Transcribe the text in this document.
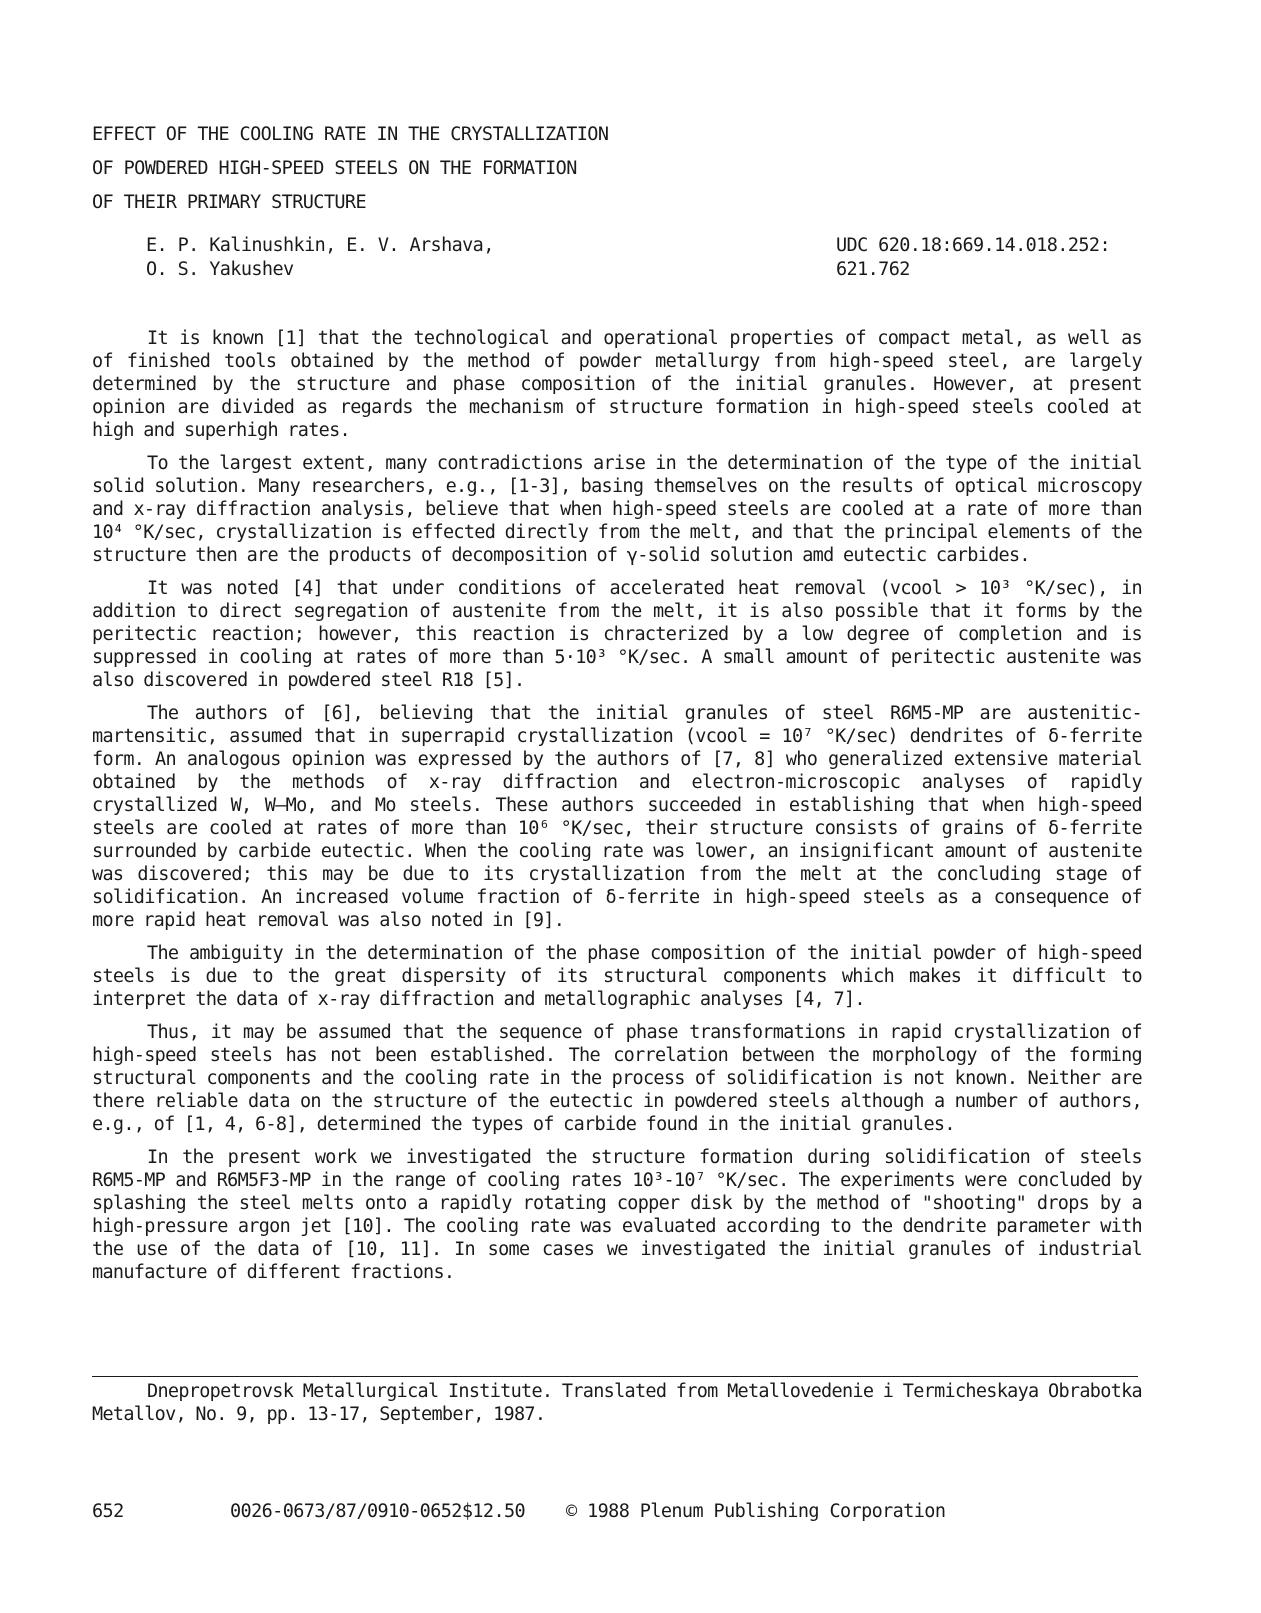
EFFECT OF THE COOLING RATE IN THE CRYSTALLIZATION
OF POWDERED HIGH-SPEED STEELS ON THE FORMATION
OF THEIR PRIMARY STRUCTURE
E. P. Kalinushkin, E. V. Arshava,
O. S. Yakushev
UDC 620.18:669.14.018.252:
621.762

It is known [1] that the technological and operational properties of compact metal, as well as of finished tools obtained by the method of powder metallurgy from high-speed steel, are largely determined by the structure and phase composition of the initial granules. However, at present opinion are divided as regards the mechanism of structure formation in high-speed steels cooled at high and superhigh rates.

To the largest extent, many contradictions arise in the determination of the type of the initial solid solution. Many researchers, e.g., [1-3], basing themselves on the results of optical microscopy and x-ray diffraction analysis, believe that when high-speed steels are cooled at a rate of more than 10⁴ °K/sec, crystallization is effected directly from the melt, and that the principal elements of the structure then are the products of decomposition of γ-solid solution amd eutectic carbides.

It was noted [4] that under conditions of accelerated heat removal (vcool > 10³ °K/sec), in addition to direct segregation of austenite from the melt, it is also possible that it forms by the peritectic reaction; however, this reaction is chracterized by a low degree of completion and is suppressed in cooling at rates of more than 5·10³ °K/sec. A small amount of peritectic austenite was also discovered in powdered steel R18 [5].

The authors of [6], believing that the initial granules of steel R6M5-MP are austenitic-martensitic, assumed that in superrapid crystallization (vcool = 10⁷ °K/sec) dendrites of δ-ferrite form. An analogous opinion was expressed by the authors of [7, 8] who generalized extensive material obtained by the methods of x-ray diffraction and electron-microscopic analyses of rapidly crystallized W, W–Mo, and Mo steels. These authors succeeded in establishing that when high-speed steels are cooled at rates of more than 10⁶ °K/sec, their structure consists of grains of δ-ferrite surrounded by carbide eutectic. When the cooling rate was lower, an insignificant amount of austenite was discovered; this may be due to its crystallization from the melt at the concluding stage of solidification. An increased volume fraction of δ-ferrite in high-speed steels as a consequence of more rapid heat removal was also noted in [9].

The ambiguity in the determination of the phase composition of the initial powder of high-speed steels is due to the great dispersity of its structural components which makes it difficult to interpret the data of x-ray diffraction and metallographic analyses [4, 7].

Thus, it may be assumed that the sequence of phase transformations in rapid crystallization of high-speed steels has not been established. The correlation between the morphology of the forming structural components and the cooling rate in the process of solidification is not known. Neither are there reliable data on the structure of the eutectic in powdered steels although a number of authors, e.g., of [1, 4, 6-8], determined the types of carbide found in the initial granules.

In the present work we investigated the structure formation during solidification of steels R6M5-MP and R6M5F3-MP in the range of cooling rates 10³-10⁷ °K/sec. The experiments were concluded by splashing the steel melts onto a rapidly rotating copper disk by the method of "shooting" drops by a high-pressure argon jet [10]. The cooling rate was evaluated according to the dendrite parameter with the use of the data of [10, 11]. In some cases we investigated the initial granules of industrial manufacture of different fractions.

Dnepropetrovsk Metallurgical Institute. Translated from Metallovedenie i Termicheskaya Obrabotka Metallov, No. 9, pp. 13-17, September, 1987.

652	0026-0673/87/0910-0652$12.50 © 1988 Plenum Publishing Corporation
